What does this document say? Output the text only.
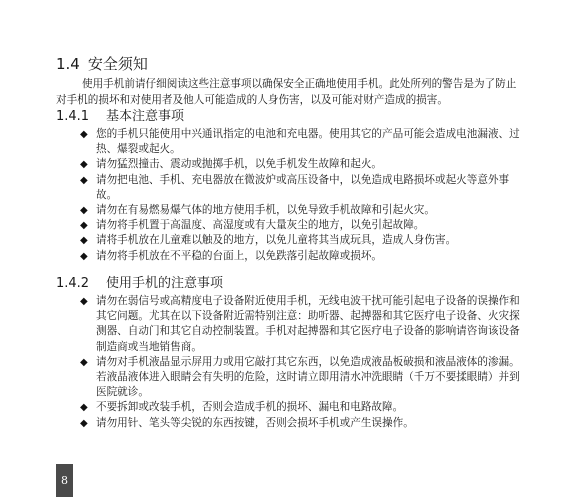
1.4 安全须知

使用手机前请仔细阅读这些注意事项以确保安全正确地使用手机。此处所列的警告是为了防止对手机的损坏和对使用者及他人可能造成的人身伤害，以及可能对财产造成的损害。

1.4.1 基本注意事项
◆ 您的手机只能使用中兴通讯指定的电池和充电器。使用其它的产品可能会造成电池漏液、过热、爆裂或起火。
◆ 请勿猛烈撞击、震动或抛掷手机，以免手机发生故障和起火。
◆ 请勿把电池、手机、充电器放在微波炉或高压设备中，以免造成电路损坏或起火等意外事故。
◆ 请勿在有易燃易爆气体的地方使用手机，以免导致手机故障和引起火灾。
◆ 请勿将手机置于高温度、高湿度或有大量灰尘的地方，以免引起故障。
◆ 请将手机放在儿童难以触及的地方，以免儿童将其当成玩具，造成人身伤害。
◆ 请勿将手机放在不平稳的台面上，以免跌落引起故障或损坏。
1.4.2 使用手机的注意事项
◆ 请勿在弱信号或高精度电子设备附近使用手机，无线电波干扰可能引起电子设备的误操作和其它问题。尤其在以下设备附近需特别注意：助听器、起搏器和其它医疗电子设备、火灾探测器、自动门和其它自动控制装置。手机对起搏器和其它医疗电子设备的影响请咨询该设备制造商或当地销售商。
◆ 请勿对手机液晶显示屏用力或用它敲打其它东西，以免造成液晶板破损和液晶液体的渗漏。若液晶液体进入眼睛会有失明的危险，这时请立即用清水冲洗眼睛（千万不要揉眼睛）并到医院就诊。
◆ 不要拆卸或改装手机，否则会造成手机的损坏、漏电和电路故障。
◆ 请勿用针、笔头等尖锐的东西按键，否则会损坏手机或产生误操作。
8
